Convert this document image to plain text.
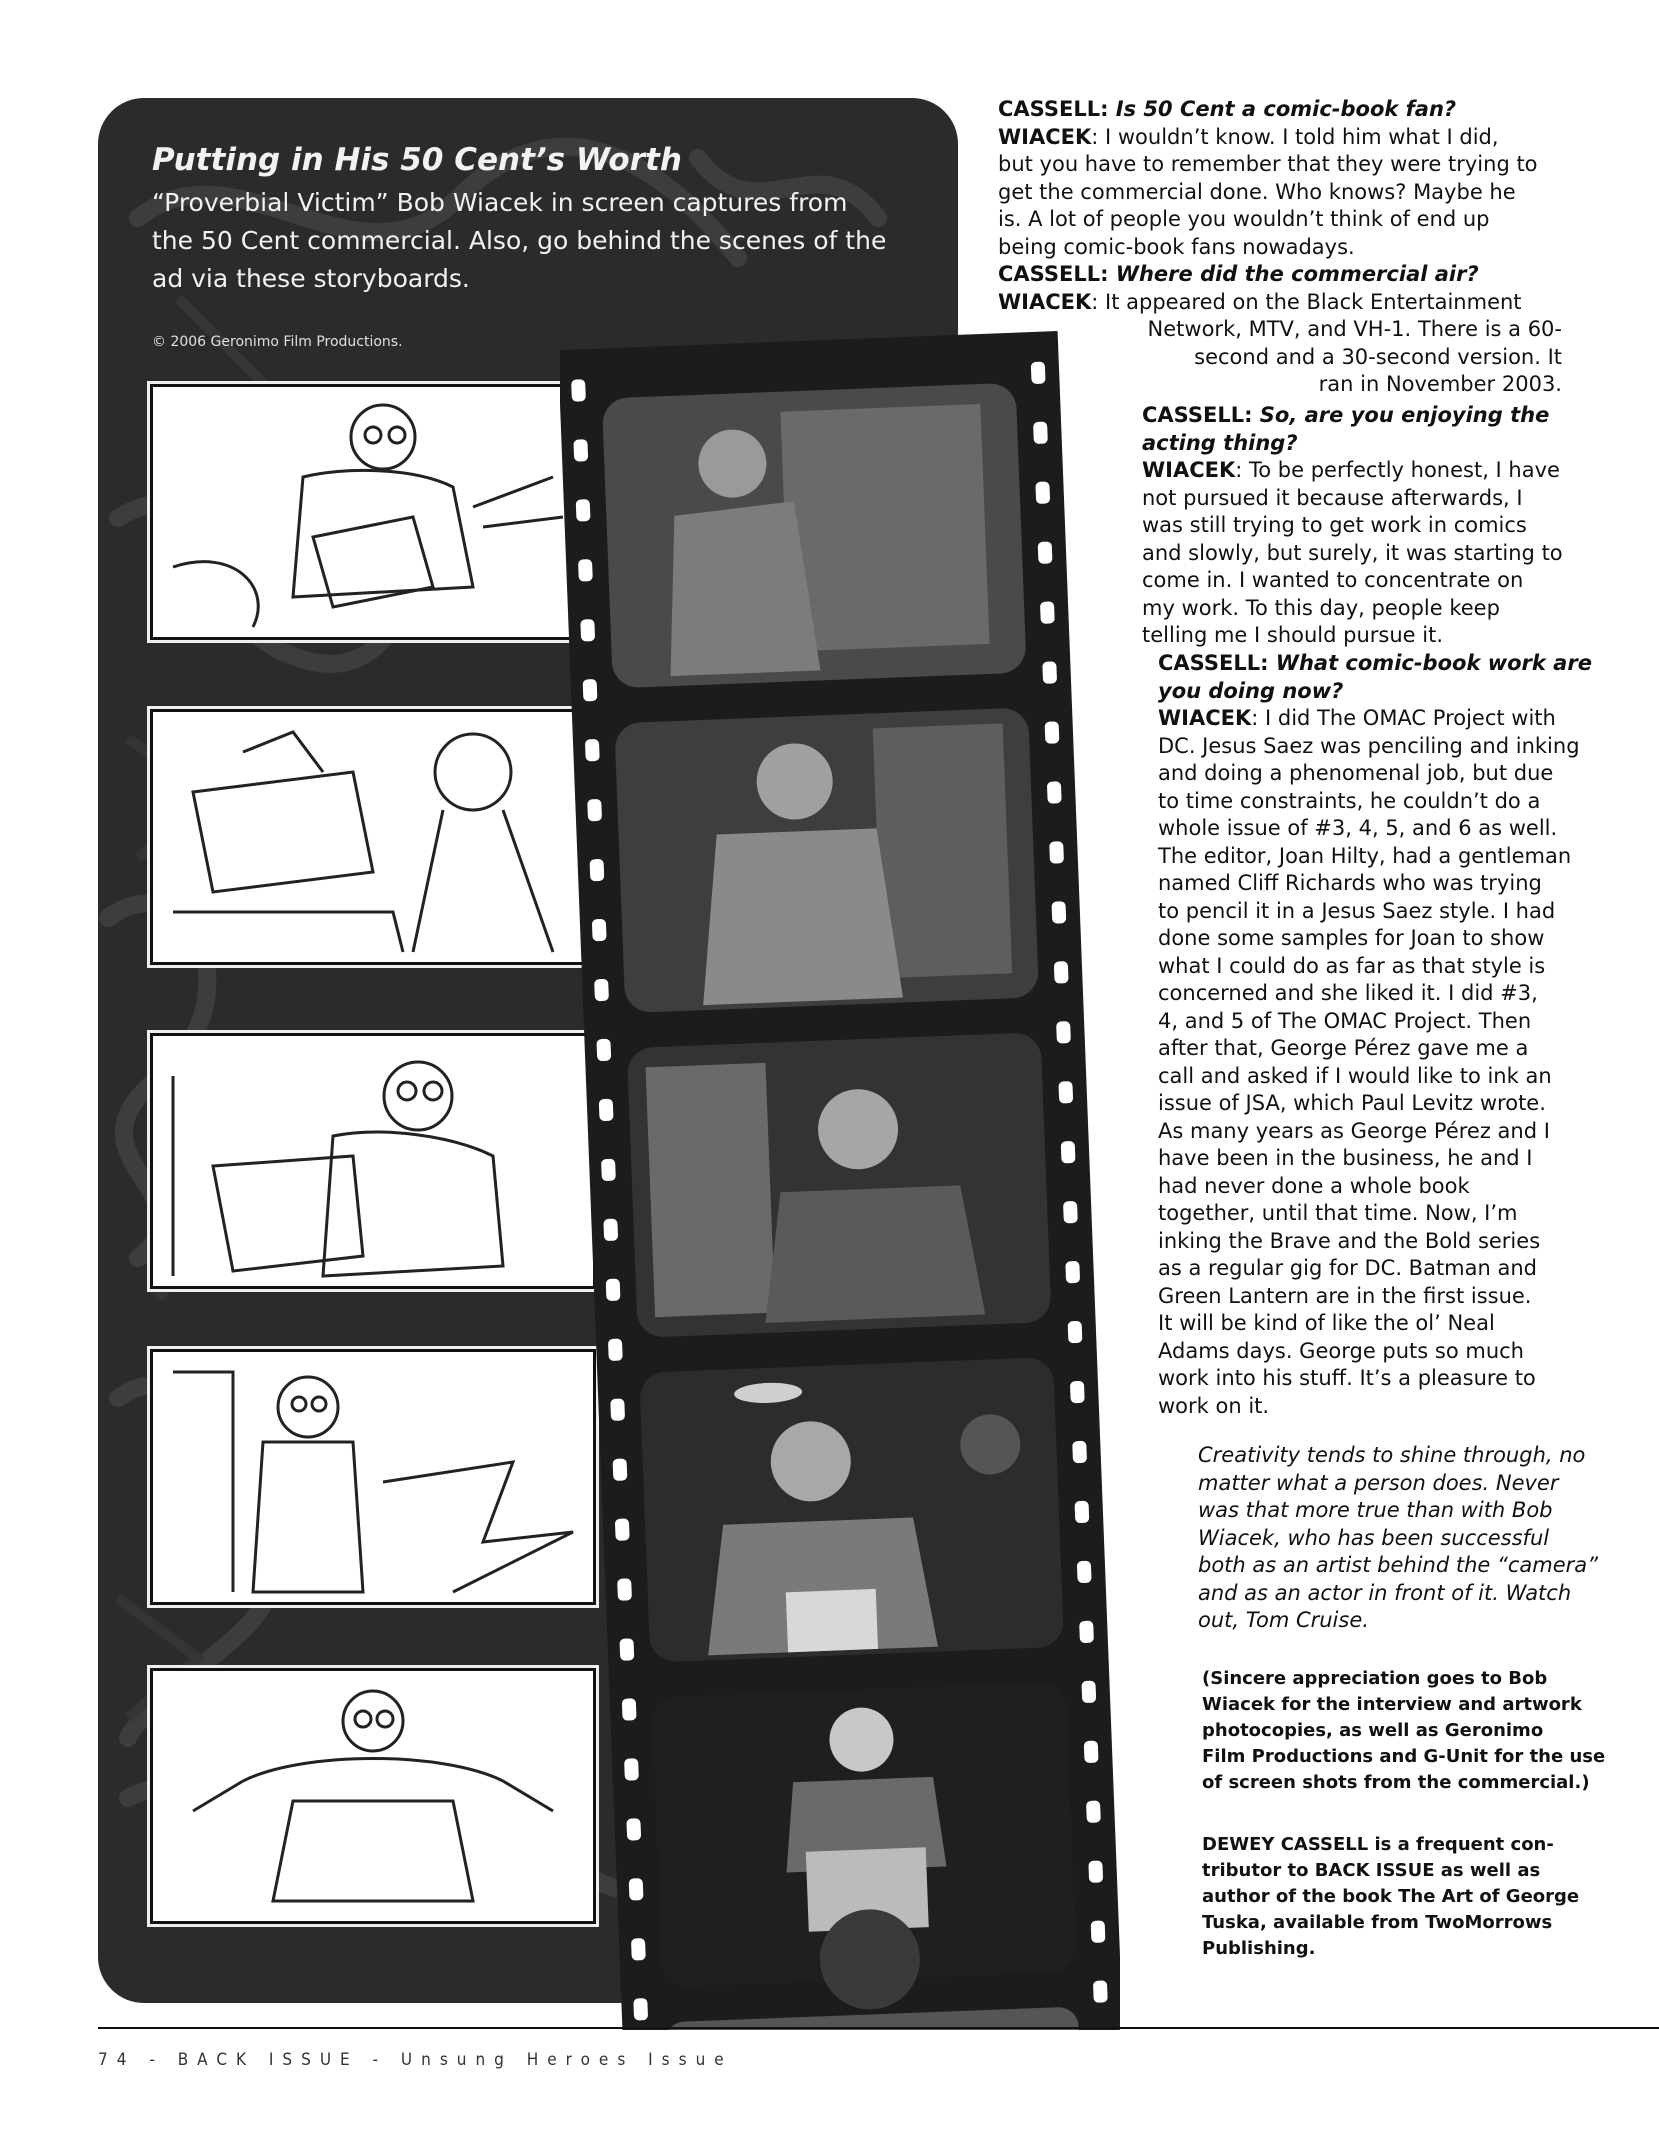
Putting in His 50 Cent’s Worth

“Proverbial Victim” Bob Wiacek in screen captures from
the 50 Cent commercial. Also, go behind the scenes of the
ad via these storyboards.

© 2006 Geronimo Film Productions.
CASSELL: Is 50 Cent a comic-book fan?
WIACEK: I wouldn’t know. I told him what I did,
but you have to remember that they were trying to
get the commercial done. Who knows? Maybe he
is. A lot of people you wouldn’t think of end up
being comic-book fans nowadays.
CASSELL: Where did the commercial air?
WIACEK: It appeared on the Black Entertainment
Network, MTV, and VH-1. There is a 60-
second and a 30-second version. It
ran in November 2003.
CASSELL: So, are you enjoying the
acting thing?
WIACEK: To be perfectly honest, I have
not pursued it because afterwards, I
was still trying to get work in comics
and slowly, but surely, it was starting to
come in. I wanted to concentrate on
my work. To this day, people keep
telling me I should pursue it.
CASSELL: What comic-book work are
you doing now?
WIACEK: I did The OMAC Project with
DC. Jesus Saez was penciling and inking
and doing a phenomenal job, but due
to time constraints, he couldn’t do a
whole issue of #3, 4, 5, and 6 as well.
The editor, Joan Hilty, had a gentleman
named Cliff Richards who was trying
to pencil it in a Jesus Saez style. I had
done some samples for Joan to show
what I could do as far as that style is
concerned and she liked it. I did #3,
4, and 5 of The OMAC Project. Then
after that, George Pérez gave me a
call and asked if I would like to ink an
issue of JSA, which Paul Levitz wrote.
As many years as George Pérez and I
have been in the business, he and I
had never done a whole book
together, until that time. Now, I’m
inking the Brave and the Bold series
as a regular gig for DC. Batman and
Green Lantern are in the first issue.
It will be kind of like the ol’ Neal
Adams days. George puts so much
work into his stuff. It’s a pleasure to
work on it.
Creativity tends to shine through, no
matter what a person does. Never
was that more true than with Bob
Wiacek, who has been successful
both as an artist behind the “camera”
and as an actor in front of it. Watch
out, Tom Cruise.
(Sincere appreciation goes to Bob
Wiacek for the interview and artwork
photocopies, as well as Geronimo
Film Productions and G-Unit for the use
of screen shots from the commercial.)
DEWEY CASSELL is a frequent con-
tributor to BACK ISSUE as well as
author of the book The Art of George
Tuska, available from TwoMorrows
Publishing.
74 - BACK ISSUE - Unsung Heroes Issue
